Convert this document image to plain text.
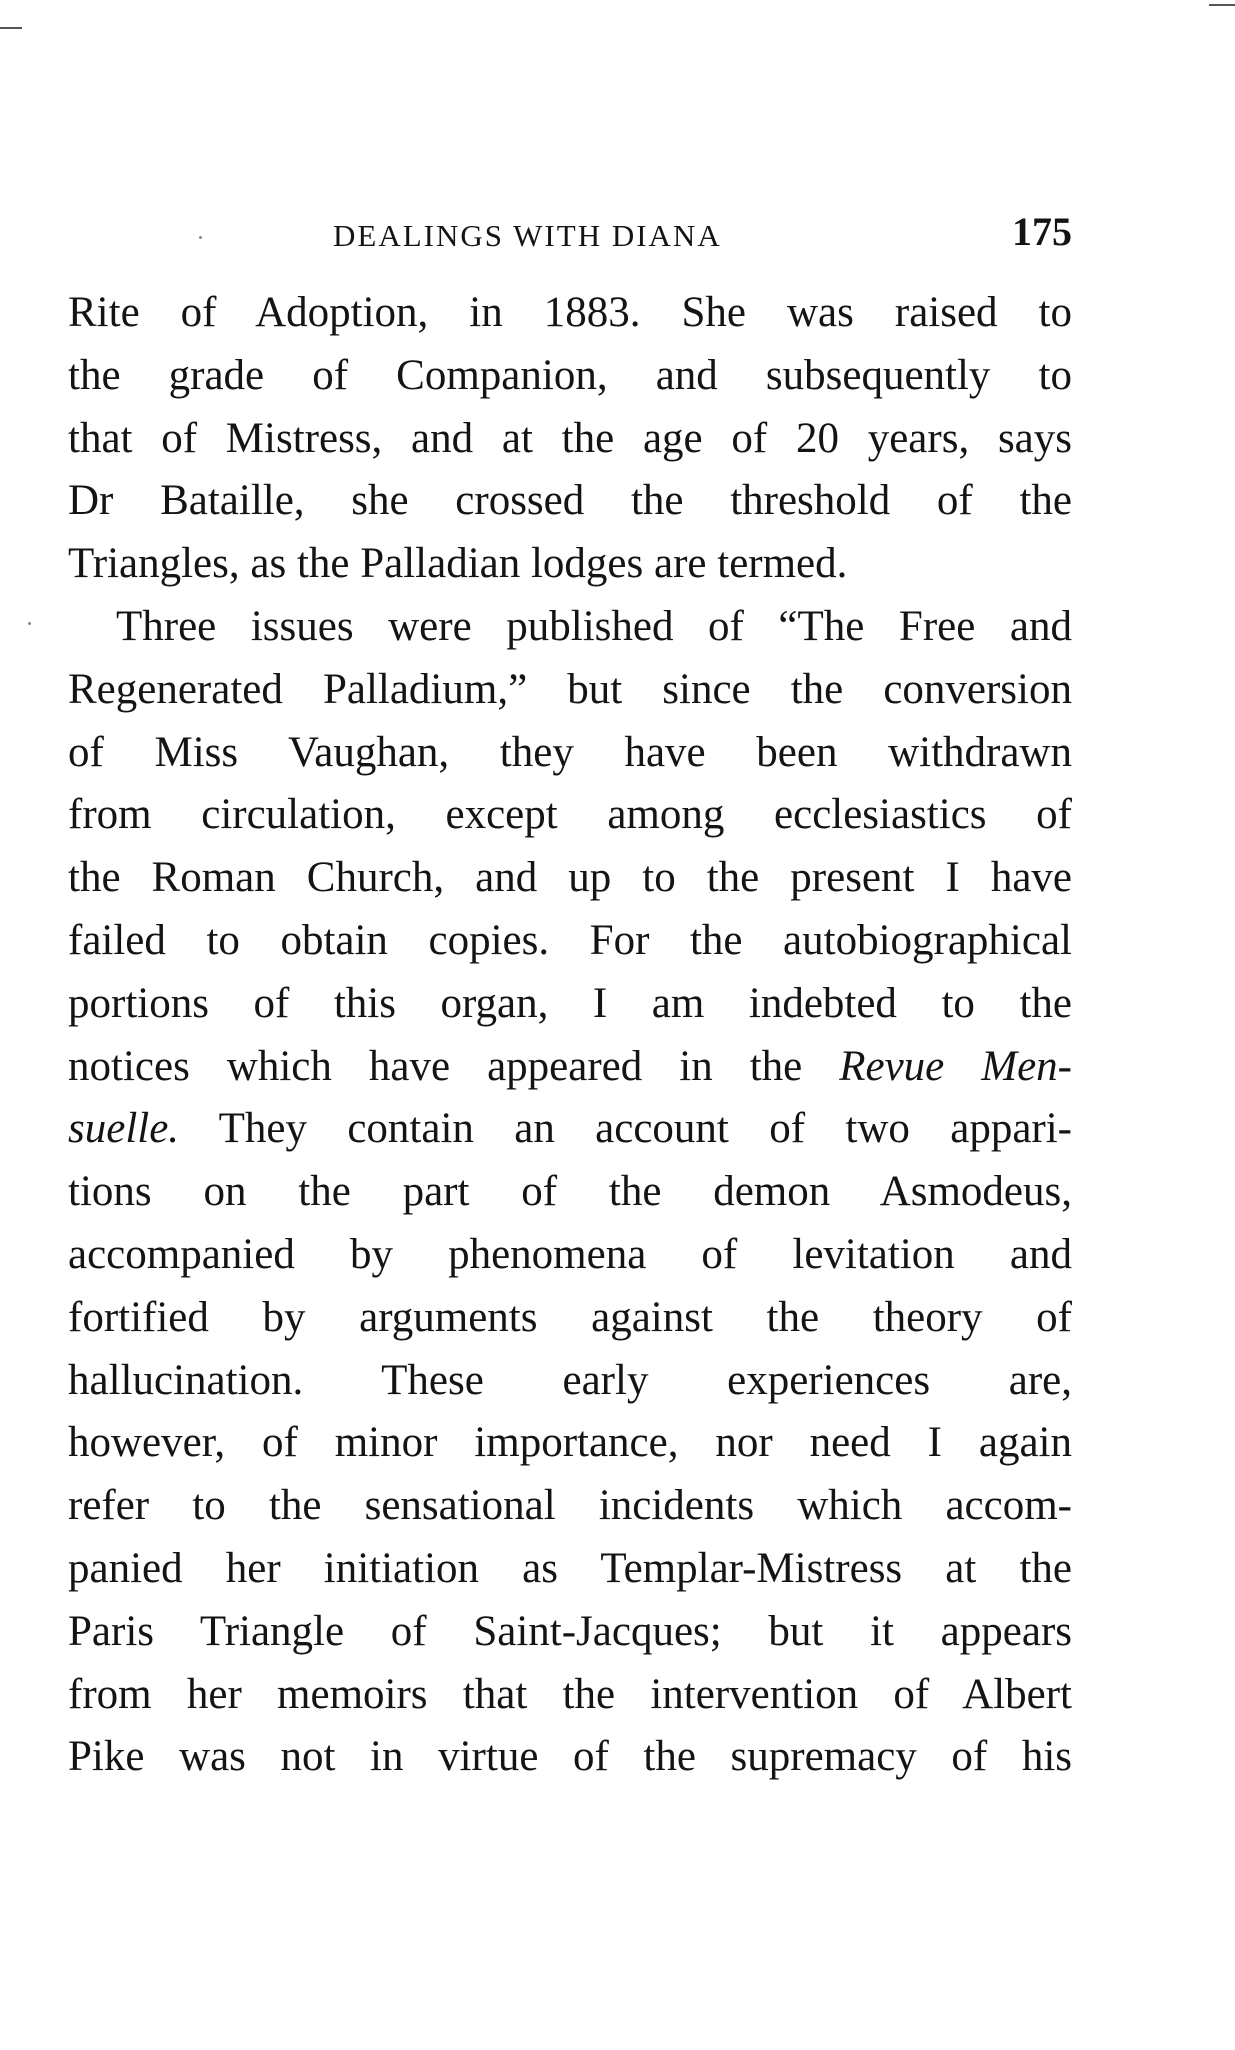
DEALINGS WITH DIANA	175
Rite of Adoption, in 1883. She was raised to
the grade of Companion, and subsequently to
that of Mistress, and at the age of 20 years, says
Dr Bataille, she crossed the threshold of the
Triangles, as the Palladian lodges are termed.
Three issues were published of “The Free and
Regenerated Palladium,” but since the conversion
of Miss Vaughan, they have been withdrawn
from circulation, except among ecclesiastics of
the Roman Church, and up to the present I have
failed to obtain copies. For the autobiographical
portions of this organ, I am indebted to the
notices which have appeared in the Revue Men-
suelle. They contain an account of two appari-
tions on the part of the demon Asmodeus,
accompanied by phenomena of levitation and
fortified by arguments against the theory of
hallucination. These early experiences are,
however, of minor importance, nor need I again
refer to the sensational incidents which accom-
panied her initiation as Templar-Mistress at the
Paris Triangle of Saint-Jacques; but it appears
from her memoirs that the intervention of Albert
Pike was not in virtue of the supremacy of his
